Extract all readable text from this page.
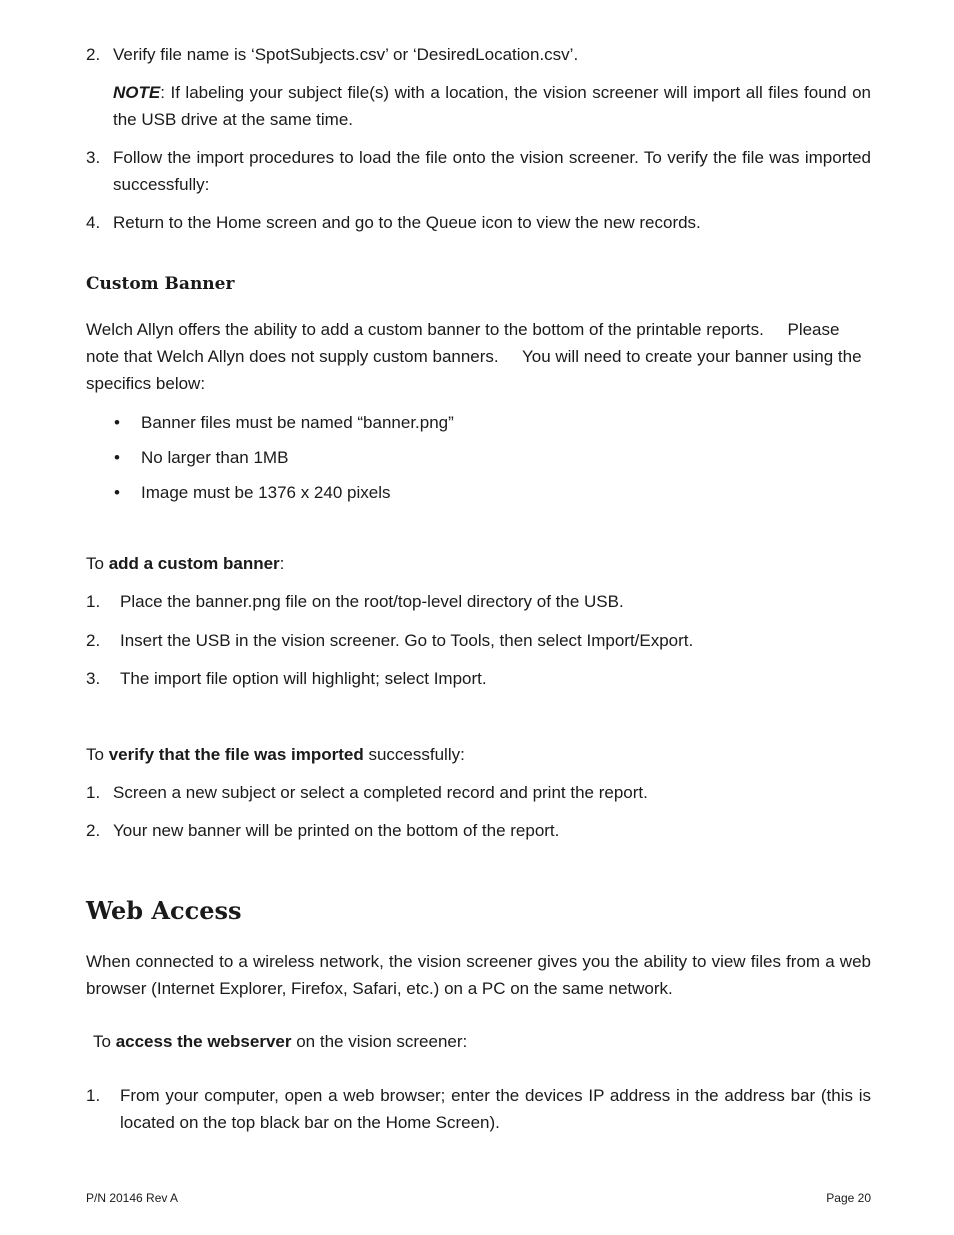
2. Verify file name is ‘SpotSubjects.csv’ or ‘DesiredLocation.csv’.
NOTE: If labeling your subject file(s) with a location, the vision screener will import all files found on the USB drive at the same time.
3. Follow the import procedures to load the file onto the vision screener. To verify the file was imported successfully:
4. Return to the Home screen and go to the Queue icon to view the new records.
Custom Banner
Welch Allyn offers the ability to add a custom banner to the bottom of the printable reports.     Please note that Welch Allyn does not supply custom banners.     You will need to create your banner using the specifics below:
• Banner files must be named “banner.png”
• No larger than 1MB
• Image must be 1376 x 240 pixels
To add a custom banner:
1.	Place the banner.png file on the root/top-level directory of the USB.
2.	Insert the USB in the vision screener. Go to Tools, then select Import/Export.
3.	The import file option will highlight; select Import.
To verify that the file was imported successfully:
1. Screen a new subject or select a completed record and print the report.
2. Your new banner will be printed on the bottom of the report.
Web Access
When connected to a wireless network, the vision screener gives you the ability to view files from a web browser (Internet Explorer, Firefox, Safari, etc.) on a PC on the same network.
To access the webserver on the vision screener:
1.	From your computer, open a web browser; enter the devices IP address in the address bar (this is located on the top black bar on the Home Screen).
P/N 20146 Rev A	Page 20
